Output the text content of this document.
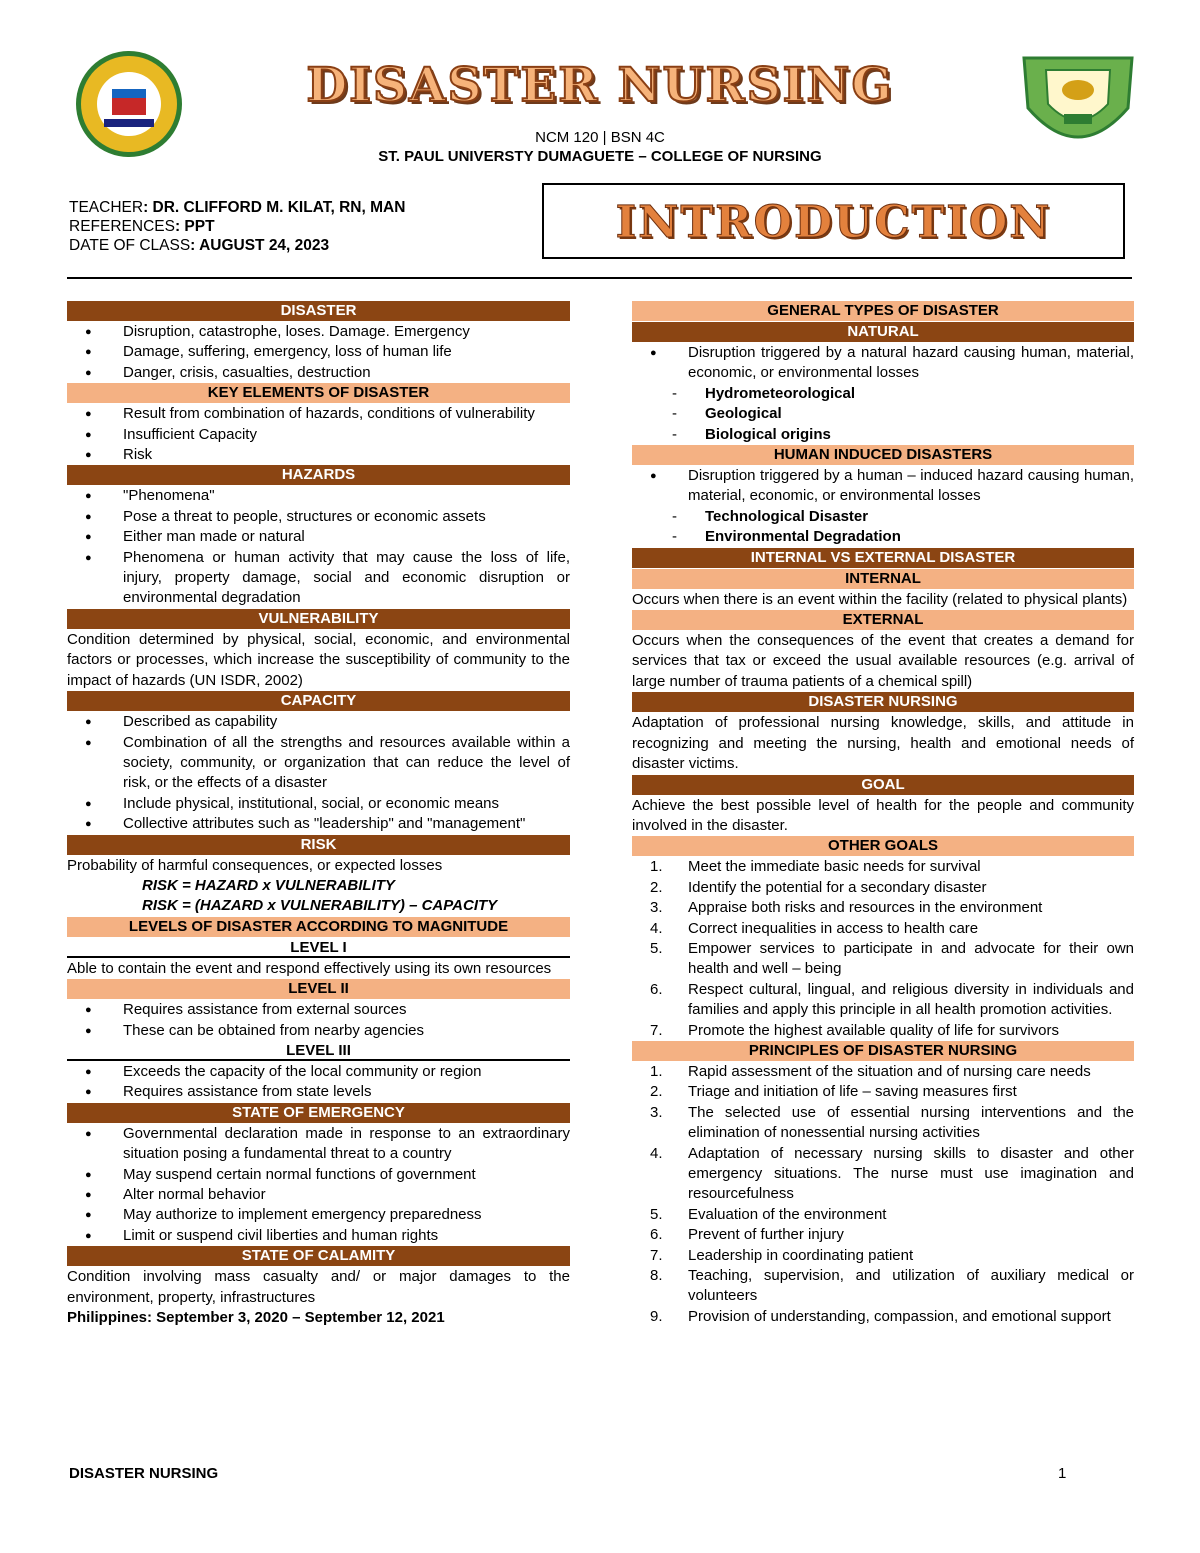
DISASTER NURSING
NCM 120 | BSN 4C
ST. PAUL UNIVERSTY DUMAGUETE – COLLEGE OF NURSING
TEACHER: DR. CLIFFORD M. KILAT, RN, MAN
REFERENCES: PPT
DATE OF CLASS: AUGUST 24, 2023	INTRODUCTION
DISASTER
● Disruption, catastrophe, loses. Damage. Emergency
● Damage, suffering, emergency, loss of human life
● Danger, crisis, casualties, destruction
KEY ELEMENTS OF DISASTER
● Result from combination of hazards, conditions of vulnerability
● Insufficient Capacity
● Risk
HAZARDS
● "Phenomena"
● Pose a threat to people, structures or economic assets
● Either man made or natural
● Phenomena or human activity that may cause the loss of life, injury, property damage, social and economic disruption or environmental degradation
VULNERABILITY
Condition determined by physical, social, economic, and environmental factors or processes, which increase the susceptibility of community to the impact of hazards (UN ISDR, 2002)
CAPACITY
● Described as capability
● Combination of all the strengths and resources available within a society, community, or organization that can reduce the level of risk, or the effects of a disaster
● Include physical, institutional, social, or economic means
● Collective attributes such as "leadership" and "management"
RISK
Probability of harmful consequences, or expected losses
RISK = HAZARD x VULNERABILITY
RISK = (HAZARD x VULNERABILITY) – CAPACITY
LEVELS OF DISASTER ACCORDING TO MAGNITUDE
LEVEL I
Able to contain the event and respond effectively using its own resources
LEVEL II
● Requires assistance from external sources
● These can be obtained from nearby agencies
LEVEL III
● Exceeds the capacity of the local community or region
● Requires assistance from state levels
STATE OF EMERGENCY
● Governmental declaration made in response to an extraordinary situation posing a fundamental threat to a country
● May suspend certain normal functions of government
● Alter normal behavior
● May authorize to implement emergency preparedness
● Limit or suspend civil liberties and human rights
STATE OF CALAMITY
Condition involving mass casualty and/ or major damages to the environment, property, infrastructures
Philippines: September 3, 2020 – September 12, 2021
GENERAL TYPES OF DISASTER
NATURAL
● Disruption triggered by a natural hazard causing human, material, economic, or environmental losses
- Hydrometeorological
- Geological
- Biological origins
HUMAN INDUCED DISASTERS
● Disruption triggered by a human – induced hazard causing human, material, economic, or environmental losses
- Technological Disaster
- Environmental Degradation
INTERNAL VS EXTERNAL DISASTER
INTERNAL
Occurs when there is an event within the facility (related to physical plants)
EXTERNAL
Occurs when the consequences of the event that creates a demand for services that tax or exceed the usual available resources (e.g. arrival of large number of trauma patients of a chemical spill)
DISASTER NURSING
Adaptation of professional nursing knowledge, skills, and attitude in recognizing and meeting the nursing, health and emotional needs of disaster victims.
GOAL
Achieve the best possible level of health for the people and community involved in the disaster.
OTHER GOALS
1. Meet the immediate basic needs for survival
2. Identify the potential for a secondary disaster
3. Appraise both risks and resources in the environment
4. Correct inequalities in access to health care
5. Empower services to participate in and advocate for their own health and well – being
6. Respect cultural, lingual, and religious diversity in individuals and families and apply this principle in all health promotion activities.
7. Promote the highest available quality of life for survivors
PRINCIPLES OF DISASTER NURSING
1. Rapid assessment of the situation and of nursing care needs
2. Triage and initiation of life – saving measures first
3. The selected use of essential nursing interventions and the elimination of nonessential nursing activities
4. Adaptation of necessary nursing skills to disaster and other emergency situations. The nurse must use imagination and resourcefulness
5. Evaluation of the environment
6. Prevent of further injury
7. Leadership in coordinating patient
8. Teaching, supervision, and utilization of auxiliary medical or volunteers
9. Provision of understanding, compassion, and emotional support
DISASTER NURSING	1
